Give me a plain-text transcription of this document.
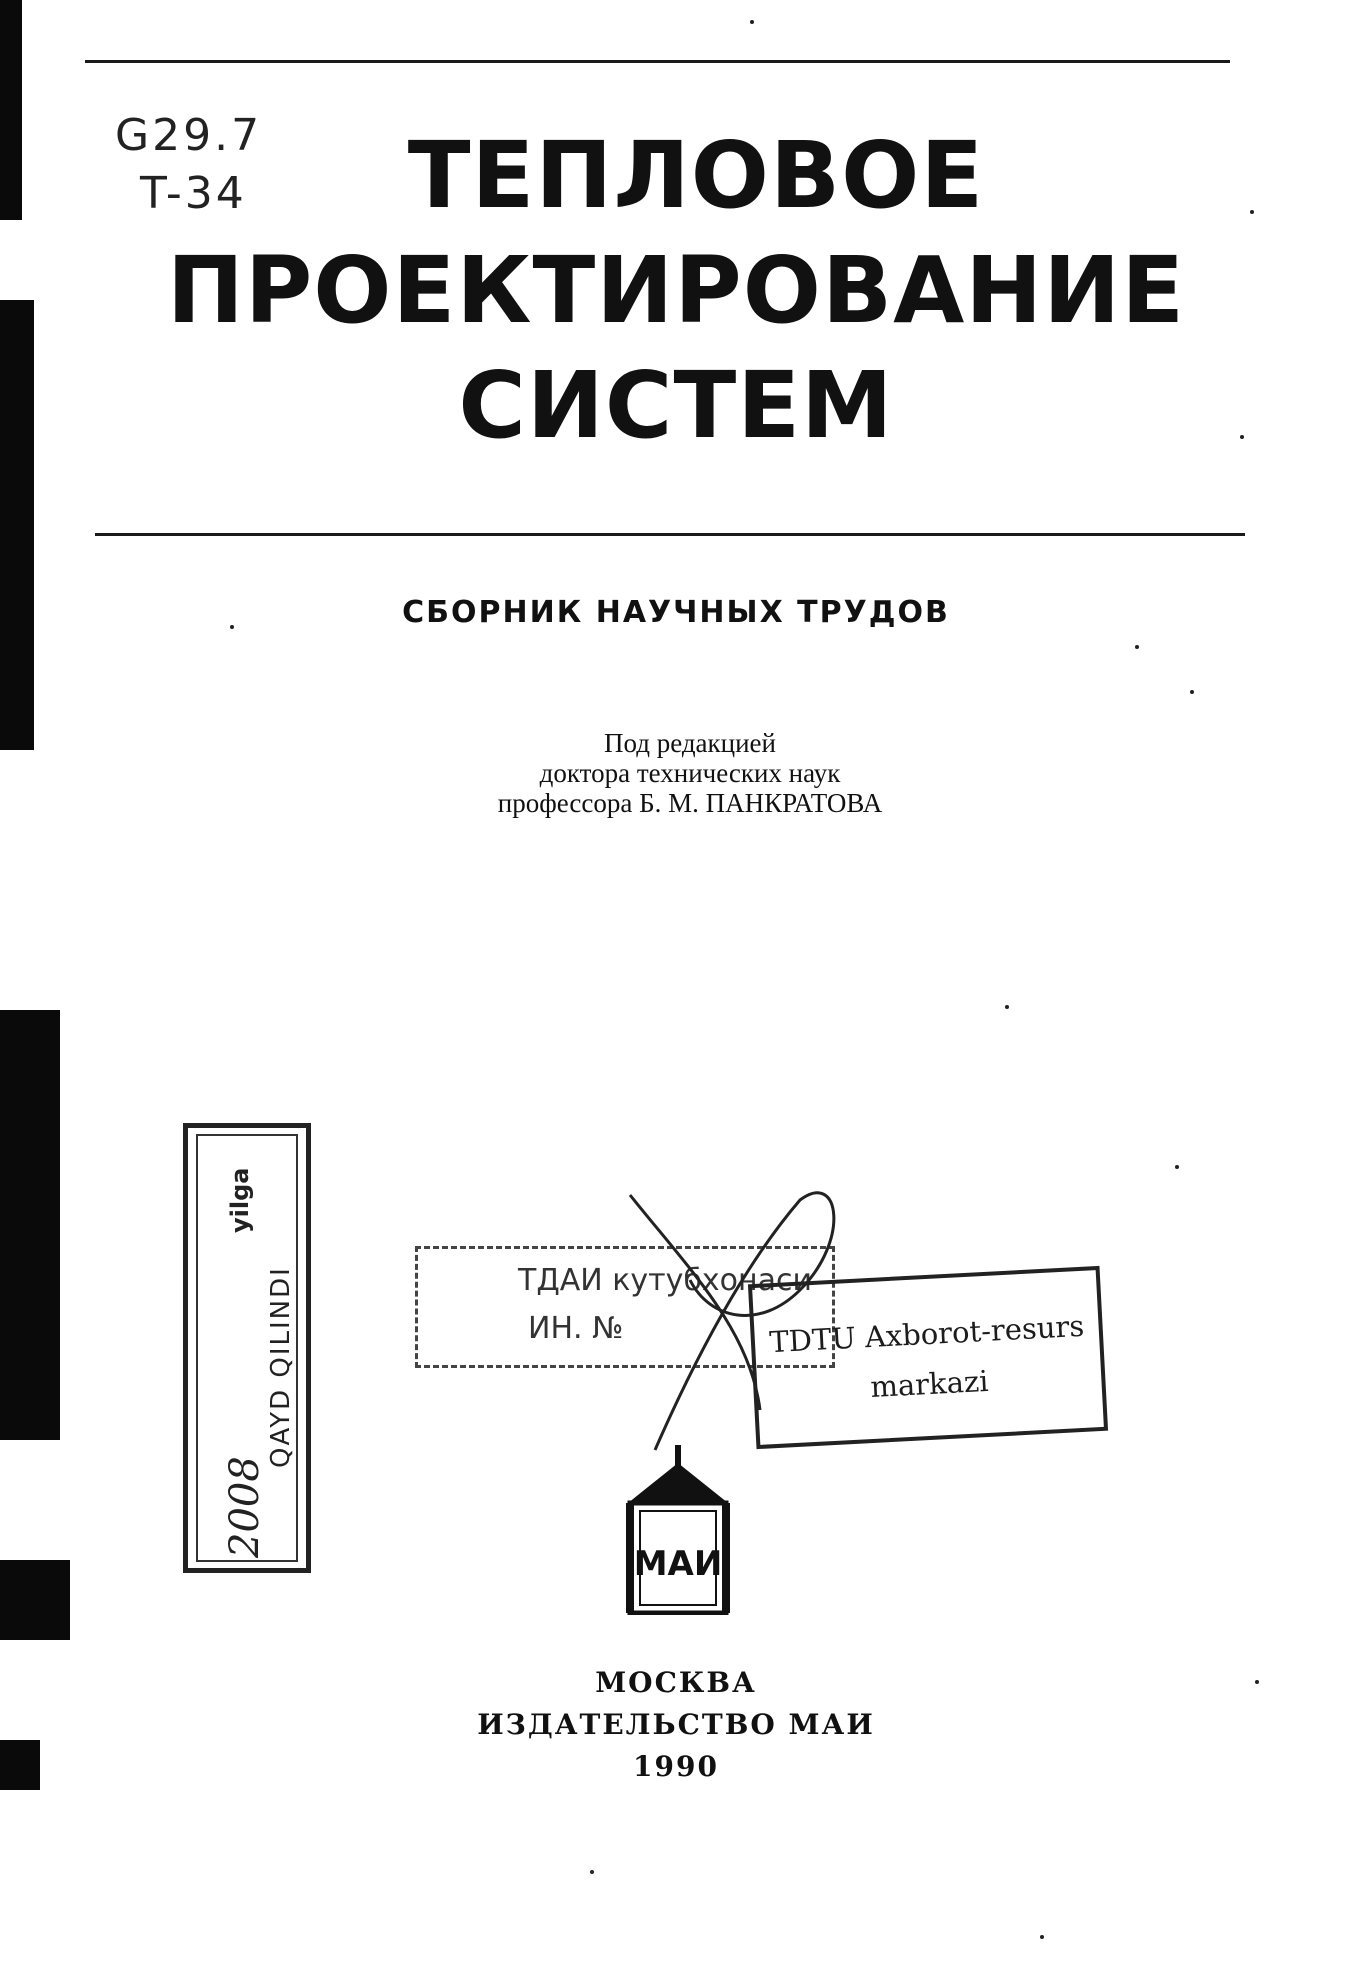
G29.7
T-34	ТЕПЛОВОЕ
ПРОЕКТИРОВАНИЕ
СИСТЕМ
СБОРНИК НАУЧНЫХ ТРУДОВ
Под редакцией
доктора технических наук
профессора Б. М. ПАНКРАТОВА
yilga
2008
QAYD QILINDI	ТДАИ кутубхонаси
ИН. №	TDTU Axborot-resurs
markazi
МАИ
МОСКВА
ИЗДАТЕЛЬСТВО МАИ
1990
